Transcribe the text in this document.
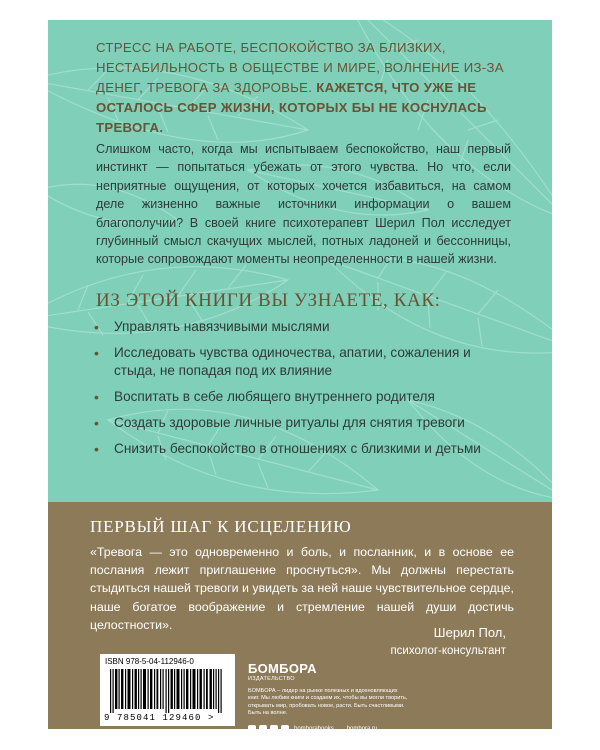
СТРЕСС НА РАБОТЕ, БЕСПОКОЙСТВО ЗА БЛИЗКИХ, НЕСТАБИЛЬНОСТЬ В ОБЩЕСТВЕ И МИРЕ, ВОЛНЕНИЕ ИЗ-ЗА ДЕНЕГ, ТРЕВОГА ЗА ЗДОРОВЬЕ. КАЖЕТСЯ, ЧТО УЖЕ НЕ ОСТАЛОСЬ СФЕР ЖИЗНИ, КОТОРЫХ БЫ НЕ КОСНУЛАСЬ ТРЕВОГА.
Слишком часто, когда мы испытываем беспокойство, наш первый инстинкт — попытаться убежать от этого чувства. Но что, если неприятные ощущения, от которых хочется избавиться, на самом деле жизненно важные источники информации о вашем благополучии? В своей книге психотерапевт Шерил Пол исследует глубинный смысл скачущих мыслей, потных ладоней и бессонницы, которые сопровождают моменты неопределенности в нашей жизни.
ИЗ ЭТОЙ КНИГИ ВЫ УЗНАЕТЕ, КАК:
• Управлять навязчивыми мыслями
• Исследовать чувства одиночества, апатии, сожаления и стыда, не попадая под их влияние
• Воспитать в себе любящего внутреннего родителя
• Создать здоровые личные ритуалы для снятия тревоги
• Снизить беспокойство в отношениях с близкими и детьми
ПЕРВЫЙ ШАГ К ИСЦЕЛЕНИЮ
«Тревога — это одновременно и боль, и посланник, и в основе ее послания лежит приглашение проснуться». Мы должны перестать стыдиться нашей тревоги и увидеть за ней наше чувствительное сердце, наше богатое воображение и стремление нашей души достичь целостности».
Шерил Пол,
психолог-консультант
ISBN 978-5-04-112946-0
9 785041 129460 >
БОМБОРА
ИЗДАТЕЛЬСТВО
БОМБОРА – лидер на рынке полезных и вдохновляющих книг. Мы любим книги и создаем их, чтобы вы могли творить, открывать мир, пробовать новое, расти. Быть счастливыми. Быть на волне.
bomborabooks bombora.ru
